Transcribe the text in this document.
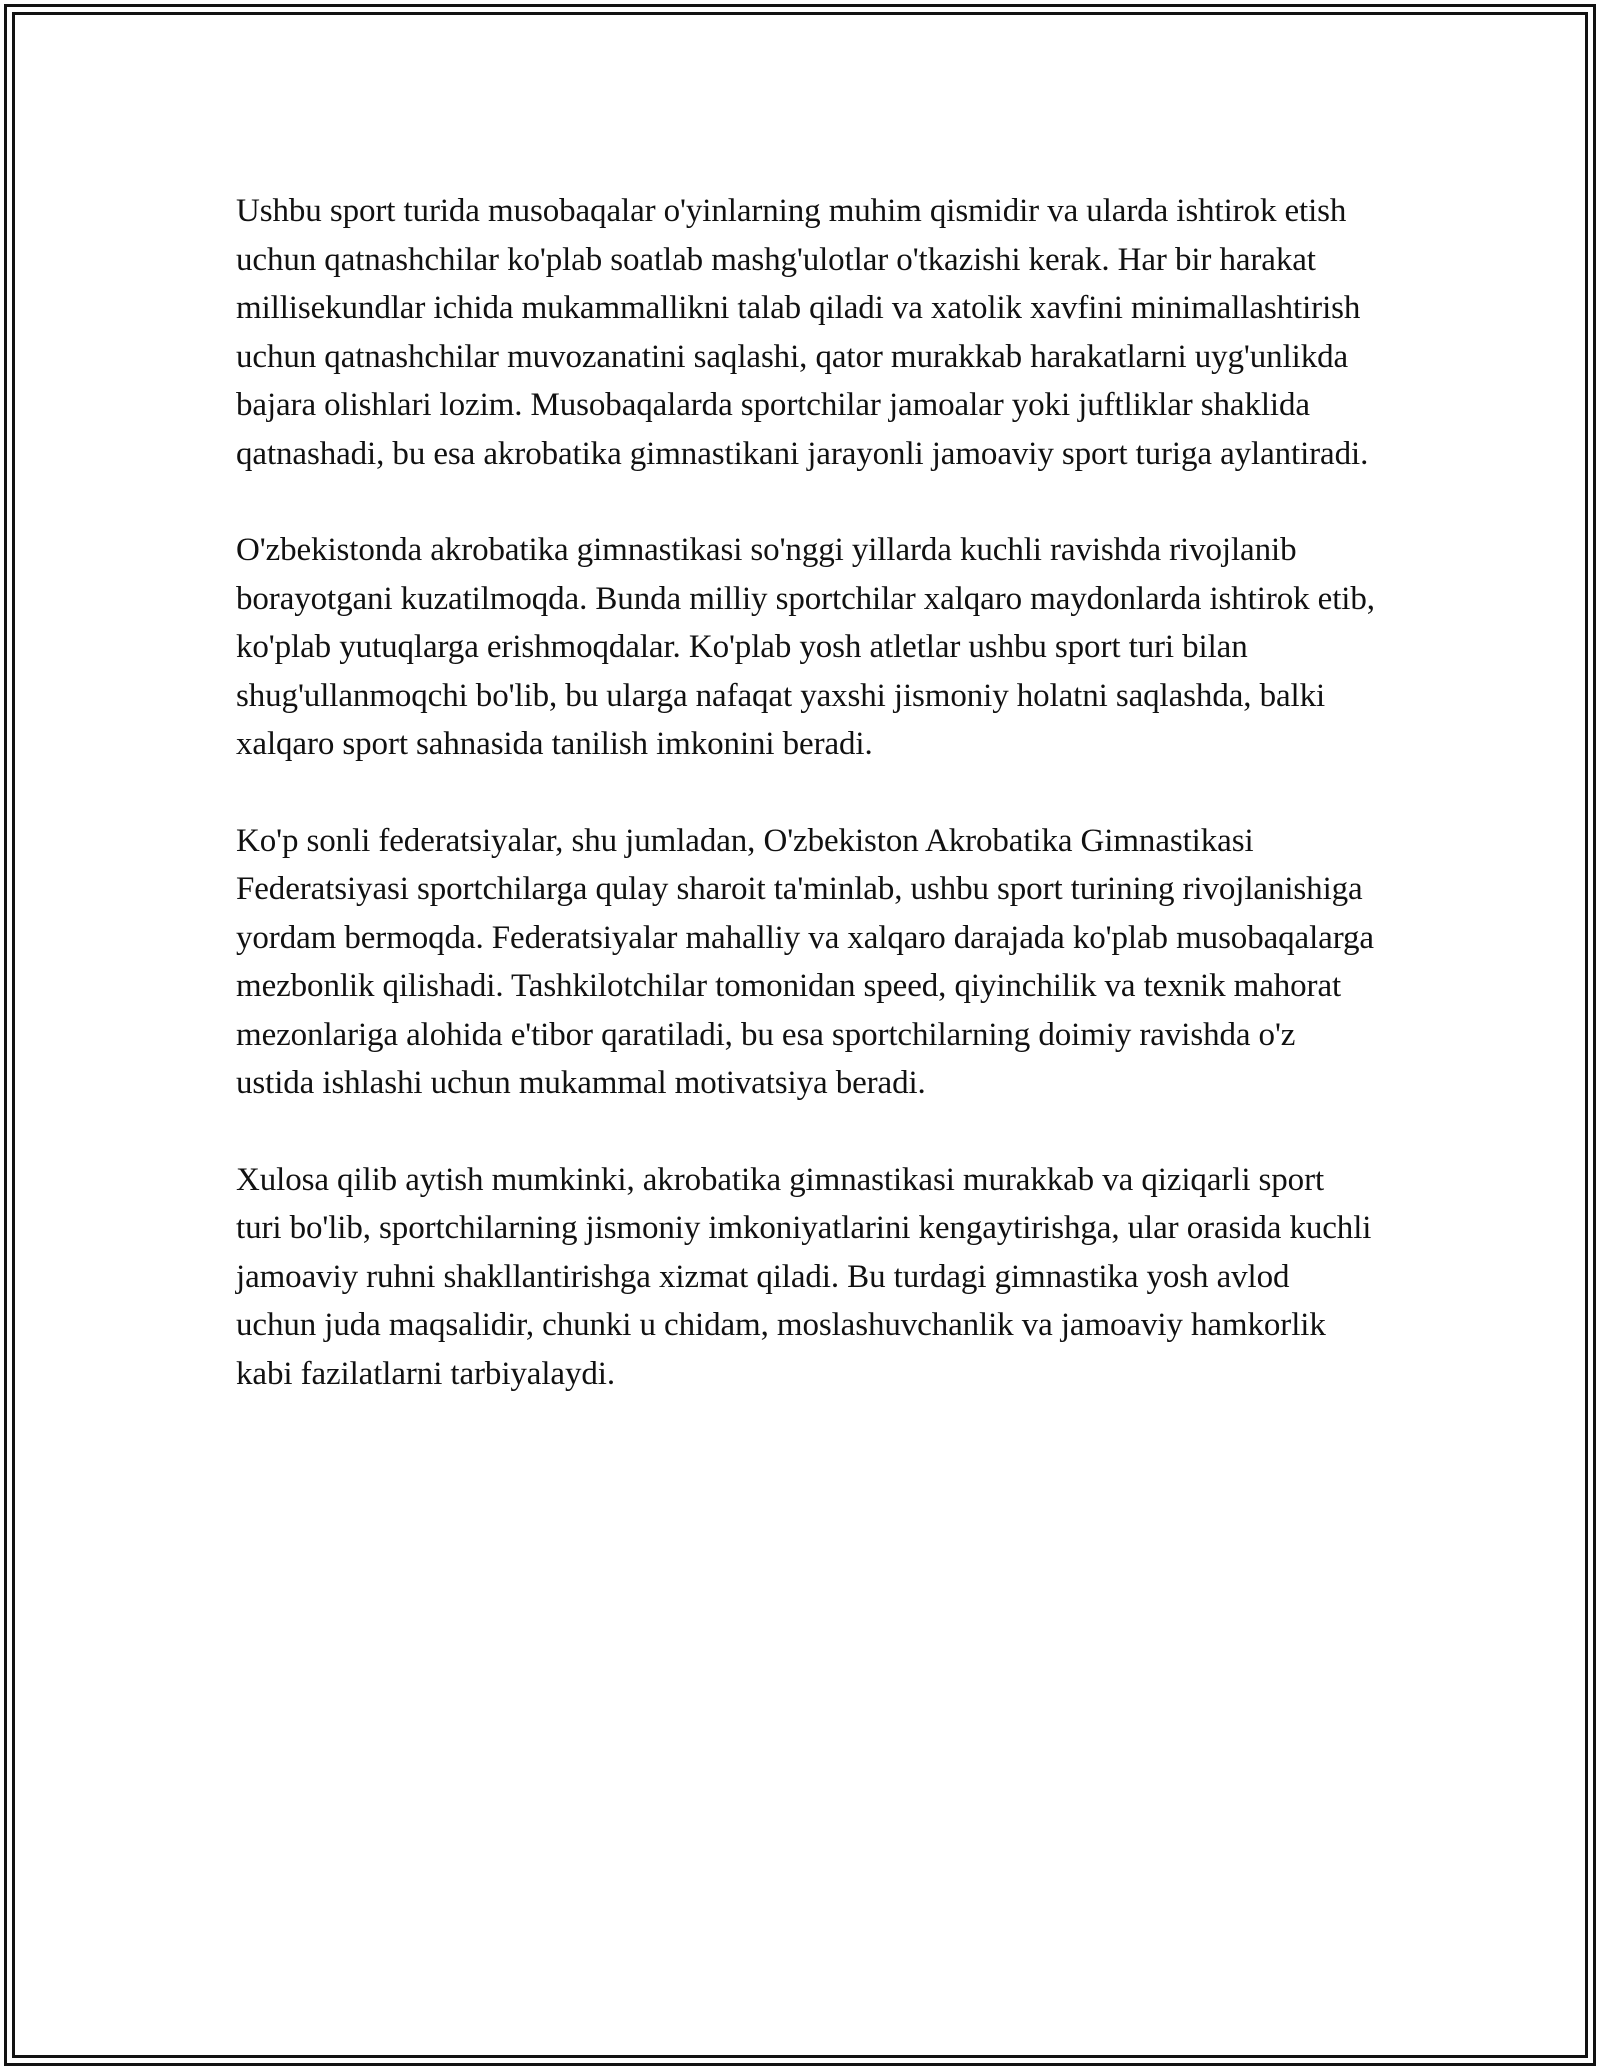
Ushbu sport turida musobaqalar o'yinlarning muhim qismidir va ularda ishtirok etish uchun qatnashchilar ko'plab soatlab mashg'ulotlar o'tkazishi kerak. Har bir harakat millisekundlar ichida mukammallikni talab qiladi va xatolik xavfini minimallashtirish uchun qatnashchilar muvozanatini saqlashi, qator murakkab harakatlarni uyg'unlikda bajara olishlari lozim. Musobaqalarda sportchilar jamoalar yoki juftliklar shaklida qatnashadi, bu esa akrobatika gimnastikani jarayonli jamoaviy sport turiga aylantiradi.

O'zbekistonda akrobatika gimnastikasi so'nggi yillarda kuchli ravishda rivojlanib borayotgani kuzatilmoqda. Bunda milliy sportchilar xalqaro maydonlarda ishtirok etib, ko'plab yutuqlarga erishmoqdalar. Ko'plab yosh atletlar ushbu sport turi bilan shug'ullanmoqchi bo'lib, bu ularga nafaqat yaxshi jismoniy holatni saqlashda, balki xalqaro sport sahnasida tanilish imkonini beradi.

Ko'p sonli federatsiyalar, shu jumladan, O'zbekiston Akrobatika Gimnastikasi Federatsiyasi sportchilarga qulay sharoit ta'minlab, ushbu sport turining rivojlanishiga yordam bermoqda. Federatsiyalar mahalliy va xalqaro darajada ko'plab musobaqalarga mezbonlik qilishadi. Tashkilotchilar tomonidan speed, qiyinchilik va texnik mahorat mezonlariga alohida e'tibor qaratiladi, bu esa sportchilarning doimiy ravishda o'z ustida ishlashi uchun mukammal motivatsiya beradi.

Xulosa qilib aytish mumkinki, akrobatika gimnastikasi murakkab va qiziqarli sport turi bo'lib, sportchilarning jismoniy imkoniyatlarini kengaytirishga, ular orasida kuchli jamoaviy ruhni shakllantirishga xizmat qiladi. Bu turdagi gimnastika yosh avlod uchun juda maqsalidir, chunki u chidam, moslashuvchanlik va jamoaviy hamkorlik kabi fazilatlarni tarbiyalaydi.
